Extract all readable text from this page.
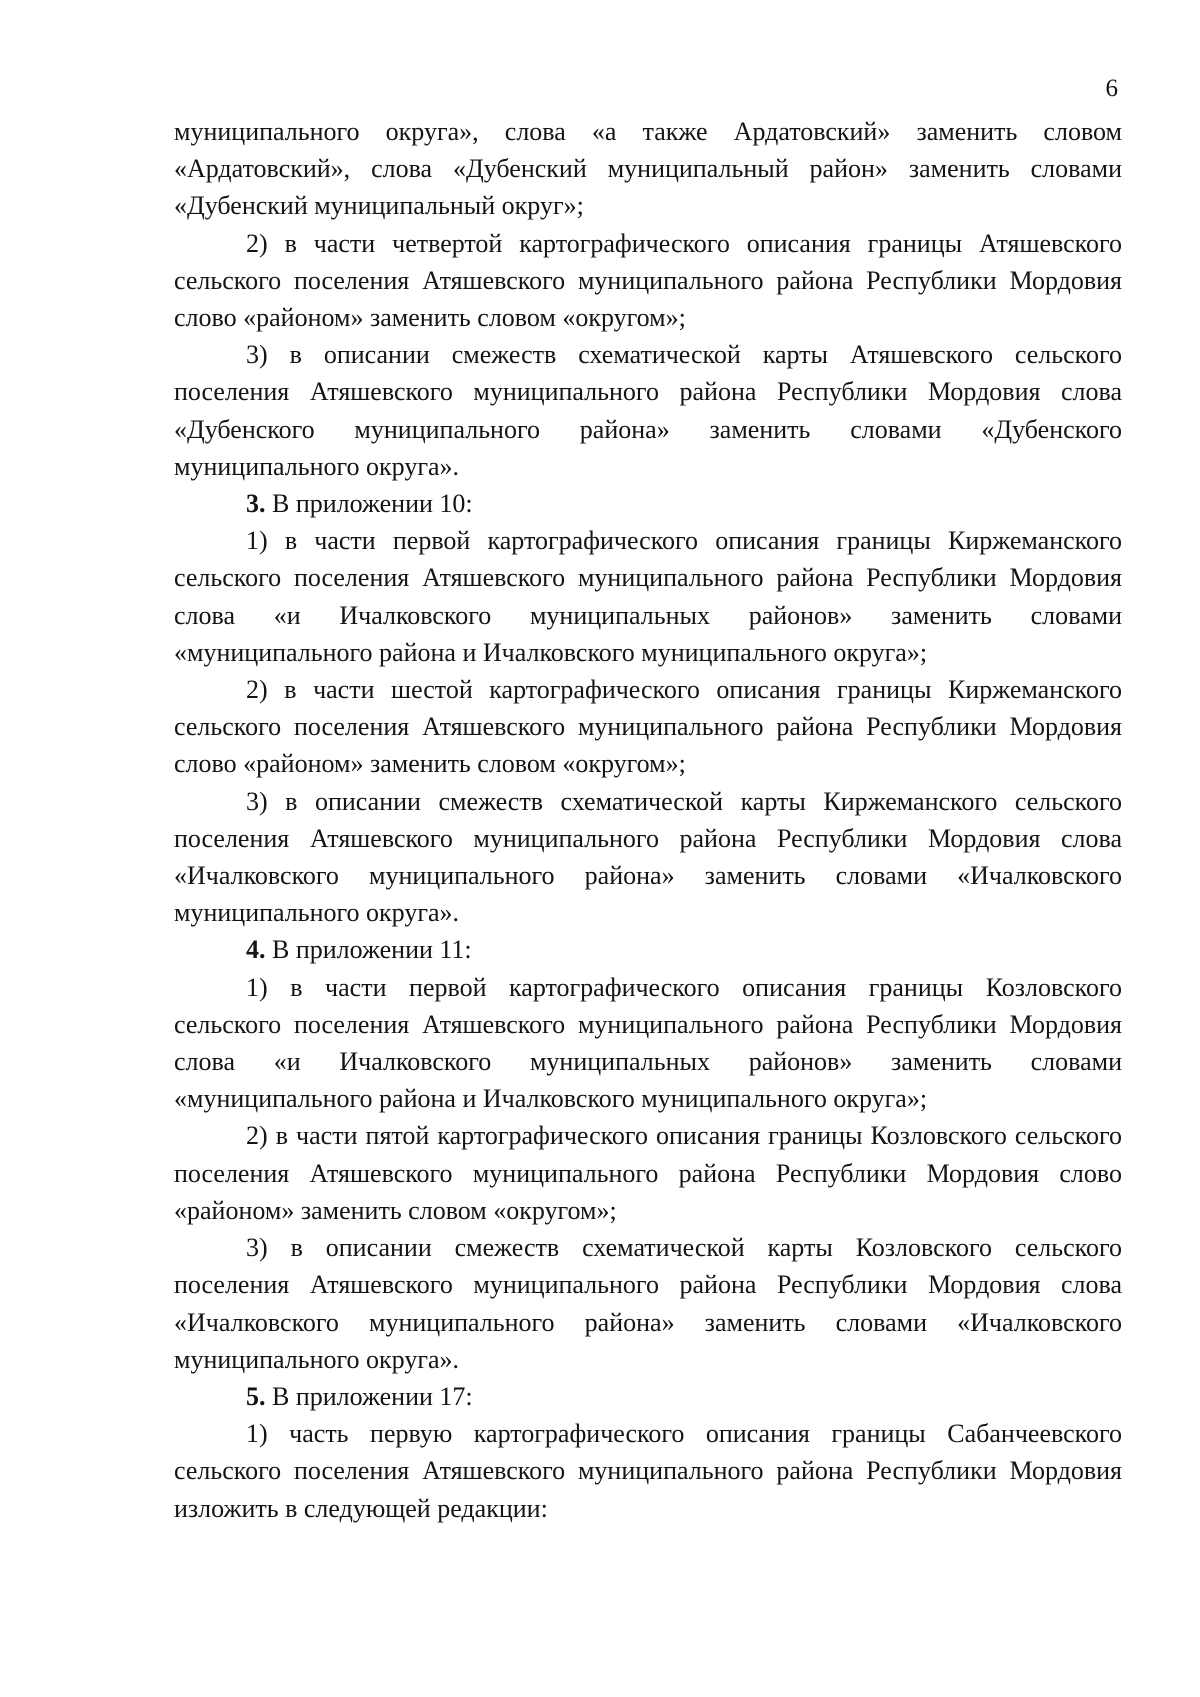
6

муниципального округа», слова «а также Ардатовский» заменить словом «Ардатовский», слова «Дубенский муниципальный район» заменить словами «Дубенский муниципальный округ»;

2) в части четвертой картографического описания границы Атяшевского сельского поселения Атяшевского муниципального района Республики Мордовия слово «районом» заменить словом «округом»;

3) в описании смежеств схематической карты Атяшевского сельского поселения Атяшевского муниципального района Республики Мордовия слова «Дубенского муниципального района» заменить словами «Дубенского муниципального округа».

3. В приложении 10:

1) в части первой картографического описания границы Киржеманского сельского поселения Атяшевского муниципального района Республики Мордовия слова «и Ичалковского муниципальных районов» заменить словами «муниципального района и Ичалковского муниципального округа»;

2) в части шестой картографического описания границы Киржеманского сельского поселения Атяшевского муниципального района Республики Мордовия слово «районом» заменить словом «округом»;

3) в описании смежеств схематической карты Киржеманского сельского поселения Атяшевского муниципального района Республики Мордовия слова «Ичалковского муниципального района» заменить словами «Ичалковского муниципального округа».

4. В приложении 11:

1) в части первой картографического описания границы Козловского сельского поселения Атяшевского муниципального района Республики Мордовия слова «и Ичалковского муниципальных районов» заменить словами «муниципального района и Ичалковского муниципального округа»;

2) в части пятой картографического описания границы Козловского сельского поселения Атяшевского муниципального района Республики Мордовия слово «районом» заменить словом «округом»;

3) в описании смежеств схематической карты Козловского сельского поселения Атяшевского муниципального района Республики Мордовия слова «Ичалковского муниципального района» заменить словами «Ичалковского муниципального округа».

5. В приложении 17:

1) часть первую картографического описания границы Сабанчеевского сельского поселения Атяшевского муниципального района Республики Мордовия изложить в следующей редакции:
